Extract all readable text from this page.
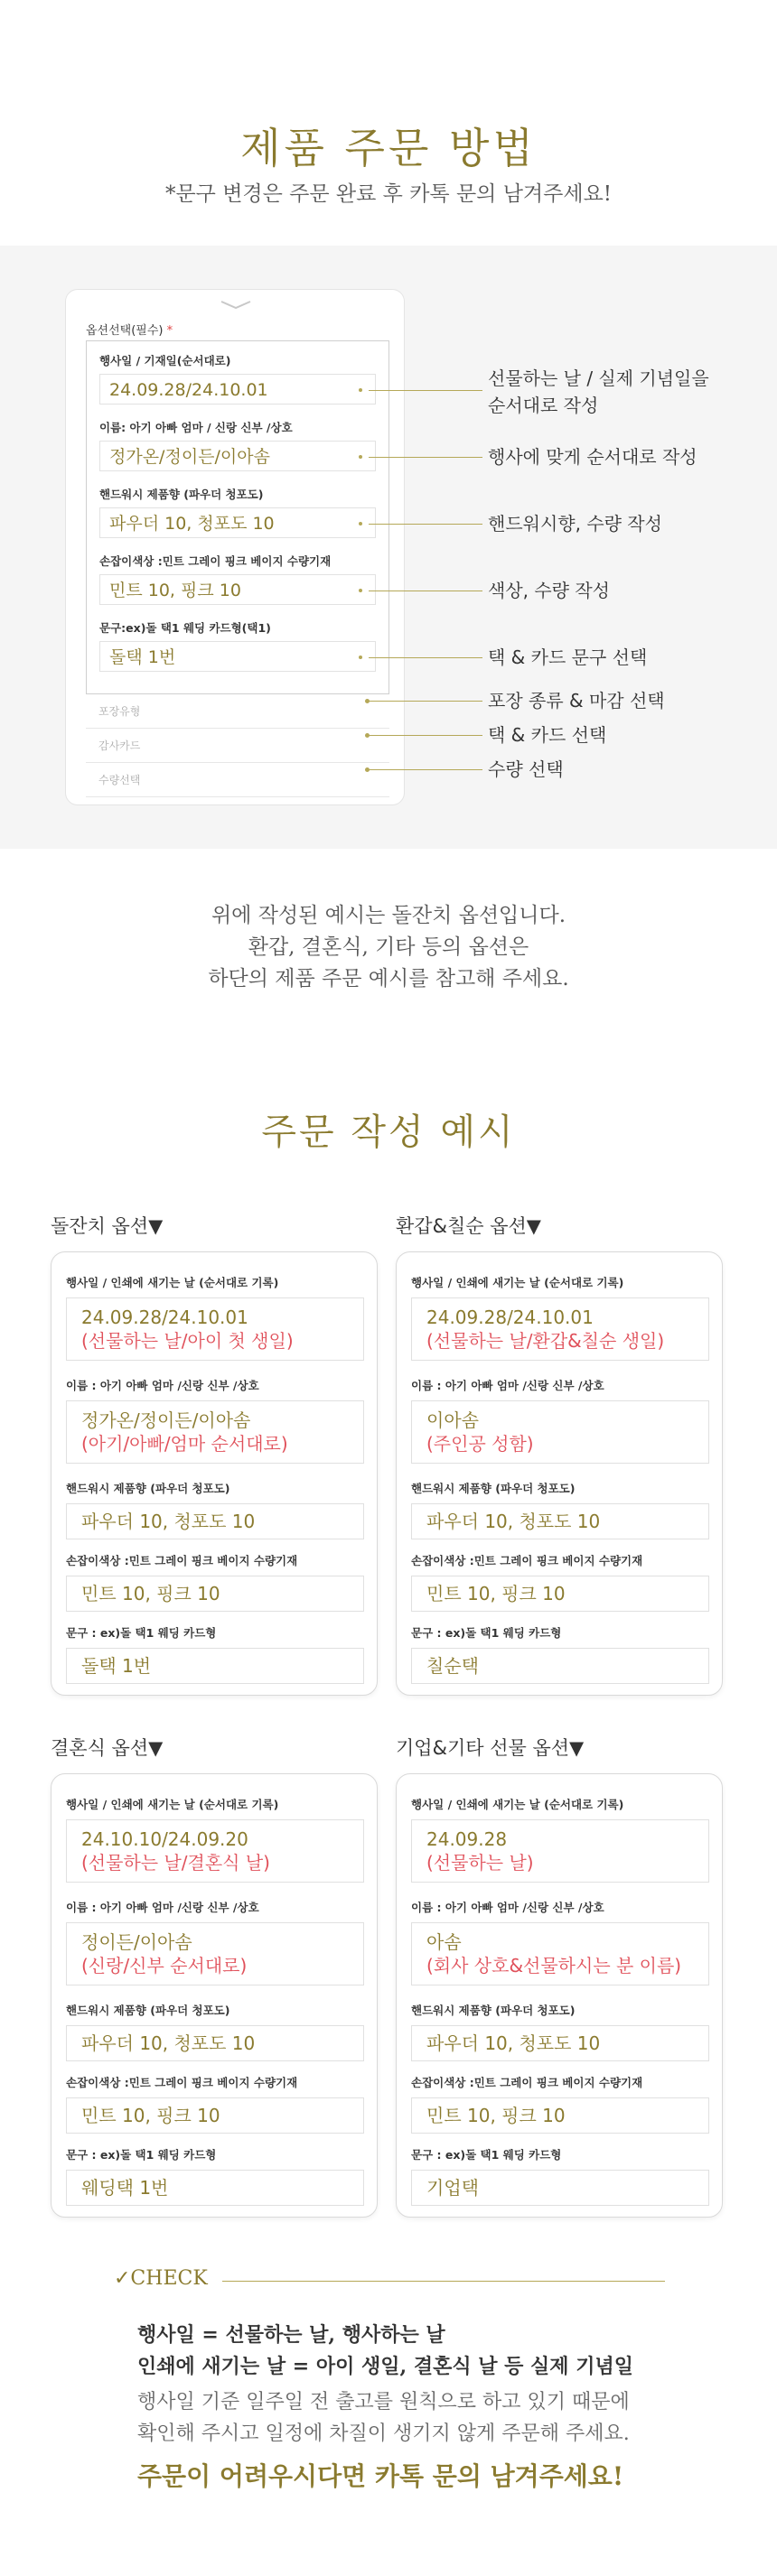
제품 주문 방법
*문구 변경은 주문 완료 후 카톡 문의 남겨주세요!
옵션선택(필수) *
행사일 / 기재일(순서대로)
24.09.28/24.10.01
이름: 아기 아빠 엄마 / 신랑 신부 /상호
정가온/정이든/이아솜
핸드워시 제품향 (파우더 청포도)
파우더 10, 청포도 10
손잡이색상 :민트 그레이 핑크 베이지 수량기재
민트 10, 핑크 10
문구:ex)돌 택1 웨딩 카드형(택1)
돌택 1번
포장유형
감사카드
수량선택
선물하는 날 / 실제 기념일을
순서대로 작성
행사에 맞게 순서대로 작성
핸드워시향, 수량 작성
색상, 수량 작성
택 & 카드 문구 선택
포장 종류 & 마감 선택
택 & 카드 선택
수량 선택
위에 작성된 예시는 돌잔치 옵션입니다.
환갑, 결혼식, 기타 등의 옵션은
하단의 제품 주문 예시를 참고해 주세요.
주문 작성 예시
돌잔치 옵션▼	환갑&칠순 옵션▼
결혼식 옵션▼	기업&기타 선물 옵션▼
행사일 / 인쇄에 새기는 날 (순서대로 기록)
24.09.28/24.10.01
(선물하는 날/아이 첫 생일)
이름 : 아기 아빠 엄마 /신랑 신부 /상호
정가온/정이든/이아솜
(아기/아빠/엄마 순서대로)
핸드워시 제품향 (파우더 청포도)
파우더 10, 청포도 10
손잡이색상 :민트 그레이 핑크 베이지 수량기재
민트 10, 핑크 10
문구 : ex)돌 택1 웨딩 카드형
돌택 1번
행사일 / 인쇄에 새기는 날 (순서대로 기록)
24.09.28/24.10.01
(선물하는 날/환갑&칠순 생일)
이름 : 아기 아빠 엄마 /신랑 신부 /상호
이아솜
(주인공 성함)
핸드워시 제품향 (파우더 청포도)
파우더 10, 청포도 10
손잡이색상 :민트 그레이 핑크 베이지 수량기재
민트 10, 핑크 10
문구 : ex)돌 택1 웨딩 카드형
칠순택
행사일 / 인쇄에 새기는 날 (순서대로 기록)
24.10.10/24.09.20
(선물하는 날/결혼식 날)
이름 : 아기 아빠 엄마 /신랑 신부 /상호
정이든/이아솜
(신랑/신부 순서대로)
핸드워시 제품향 (파우더 청포도)
파우더 10, 청포도 10
손잡이색상 :민트 그레이 핑크 베이지 수량기재
민트 10, 핑크 10
문구 : ex)돌 택1 웨딩 카드형
웨딩택 1번
행사일 / 인쇄에 새기는 날 (순서대로 기록)
24.09.28
(선물하는 날)
이름 : 아기 아빠 엄마 /신랑 신부 /상호
아솜
(회사 상호&선물하시는 분 이름)
핸드워시 제품향 (파우더 청포도)
파우더 10, 청포도 10
손잡이색상 :민트 그레이 핑크 베이지 수량기재
민트 10, 핑크 10
문구 : ex)돌 택1 웨딩 카드형
기업택
✓CHECK
행사일 = 선물하는 날, 행사하는 날
인쇄에 새기는 날 = 아이 생일, 결혼식 날 등 실제 기념일
행사일 기준 일주일 전 출고를 원칙으로 하고 있기 때문에
확인해 주시고 일정에 차질이 생기지 않게 주문해 주세요.
주문이 어려우시다면 카톡 문의 남겨주세요!
